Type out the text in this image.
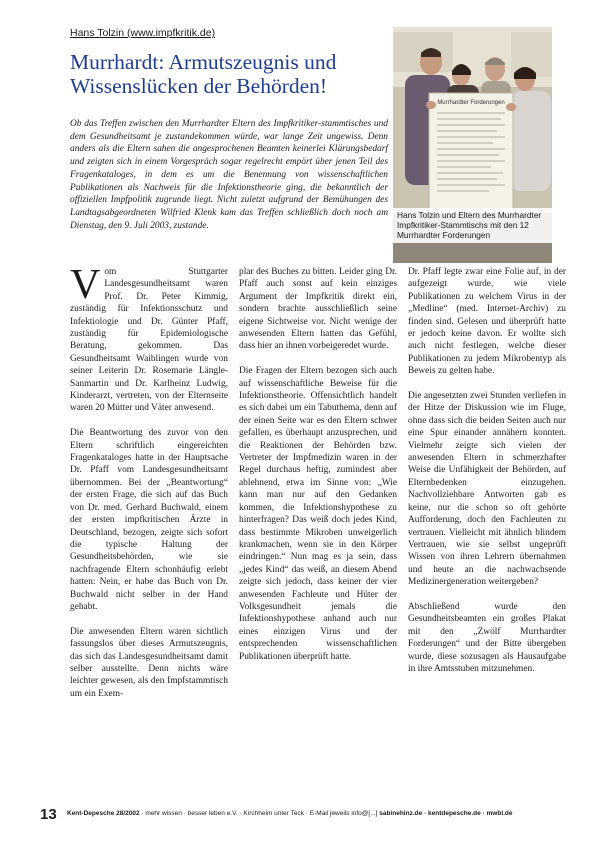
Hans Tolzin (www.impfkritik.de)
Murrhardt: Armutszeugnis und Wissenslücken der Behörden!

Ob das Treffen zwischen den Murrhardter Eltern des Impfkritiker-stammtisches und dem Gesundheitsamt je zustandekommen würde, war lange Zeit ungewiss. Denn anders als die Eltern sahen die angesprochenen Beamten keinerlei Klärungsbedarf und zeigten sich in einem Vorgespräch sogar regelrecht empört über jenen Teil des Fragenkataloges, in dem es um die Benennung von wissenschaftlichen Publikationen als Nachweis für die Infektionstheorie ging, die bekanntlich der offiziellen Impfpolitik zugrunde liegt. Nicht zuletzt aufgrund der Bemühungen des Landtagsabgeordneten Wilfried Klenk kam das Treffen schließlich doch noch am Dienstag, den 9. Juli 2003, zustande.

Murrhardter Forderungen
Hans Tolzin und Eltern des Murrhardter Impfkritiker-Stammtischs mit den 12 Murrhardter Forderungen

Vom Stuttgarter Landesgesundheitsamt waren Prof. Dr. Peter Kimmig, zuständig für Infektionsschutz und Infektiologie und Dr. Günter Pfaff, zuständig für Epidemiologische Beratung, gekommen. Das Gesundheitsamt Waiblingen wurde von seiner Leiterin Dr. Rosemarie Längle-Sanmartin und Dr. Karlheinz Ludwig, Kinderarzt, vertreten, von der Elternseite waren 20 Mütter und Väter anwesend.

Die Beantwortung des zuvor von den Eltern schriftlich eingereichten Fragenkataloges hatte in der Hauptsache Dr. Pfaff vom Landesgesundheitsamt übernommen. Bei der „Beantwortung“ der ersten Frage, die sich auf das Buch von Dr. med. Gerhard Buchwald, einem der ersten impfkritischen Ärzte in Deutschland, bezogen, zeigte sich sofort die typische Haltung der Gesundheitsbehörden, wie sie nachfragende Eltern schonhäufig erlebt hatten: Nein, er habe das Buch von Dr. Buchwald nicht selber in der Hand gehabt.

Die anwesenden Eltern waren sichtlich fassungslos über dieses Armutszeugnis, das sich das Landesgesundheitsamt damit selber ausstellte. Denn nichts wäre leichter gewesen, als den Impfstammtisch um ein Exem-

plar des Buches zu bitten. Leider ging Dr. Pfaff auch sonst auf kein einziges Argument der Impfkritik direkt ein, sondern brachte ausschließlich seine eigene Sichtweise vor. Nicht wenige der anwesenden Eltern hatten das Gefühl, dass hier an ihnen vorbeigeredet wurde.

Die Fragen der Eltern bezogen sich auch auf wissenschaftliche Beweise für die Infektionstheorie. Offensichtlich handelt es sich dabei um ein Tabuthema, denn auf der einen Seite war es den Eltern schwer gefallen, es überhaupt anzusprechen, und die Reaktionen der Behörden bzw. Vertreter der Impfmedizin waren in der Regel durchaus heftig, zumindest aber ablehnend, etwa im Sinne von: „Wie kann man nur auf den Gedanken kommen, die Infektionshypothese zu hinterfragen? Das weiß doch jedes Kind, dass bestimmte Mikroben unweigerlich krankmachen, wenn sie in den Körper eindringen.“ Nun mag es ja sein, dass „jedes Kind“ das weiß, an diesem Abend zeigte sich jedoch, dass keiner der vier anwesenden Fachleute und Hüter der Volksgesundheit jemals die Infektionshypothese anhand auch nur eines einzigen Virus und der entsprechenden wissenschaftlichen Publikationen überprüft hatte.

Dr. Pfaff legte zwar eine Folie auf, in der aufgezeigt wurde, wie viele Publikationen zu welchem Virus in der „Medline“ (med. Internet-Archiv) zu finden sind. Gelesen und überprüft hatte er jedoch keine davon. Er wollte sich auch nicht festlegen, welche dieser Publikationen zu jedem Mikrobentyp als Beweis zu gelten habe.

Die angesetzten zwei Stunden verliefen in der Hitze der Diskussion wie im Fluge, ohne dass sich die beiden Seiten auch nur eine Spur einander annähern konnten. Vielmehr zeigte sich vielen der anwesenden Eltern in schmerzhafter Weise die Unfähigkeit der Behörden, auf Elternbedenken einzugehen. Nachvollziehbare Antworten gab es keine, nur die schon so oft gehörte Aufforderung, doch den Fachleuten zu vertrauen. Vielleicht mit ähnlich blindem Vertrauen, wie sie selbst ungeprüft Wissen von ihren Lehrern übernahmen und heute an die nachwachsende Medizinergeneration weitergeben?

Abschließend wurde den Gesundheitsbeamten ein großes Plakat mit den „Zwölf Murrhardter Forderungen“ und der Bitte übergeben wurde, diese sozusagen als Hausaufgabe in ihre Amtsstuben mitzunehmen.

13 Kent-Depesche 28/2002 · mehr wissen · besser leben e.V. · Kirchheim unter Teck · E-Mail jeweils info@[...] sabinehinz.de · kentdepesche.de · mwbl.de
